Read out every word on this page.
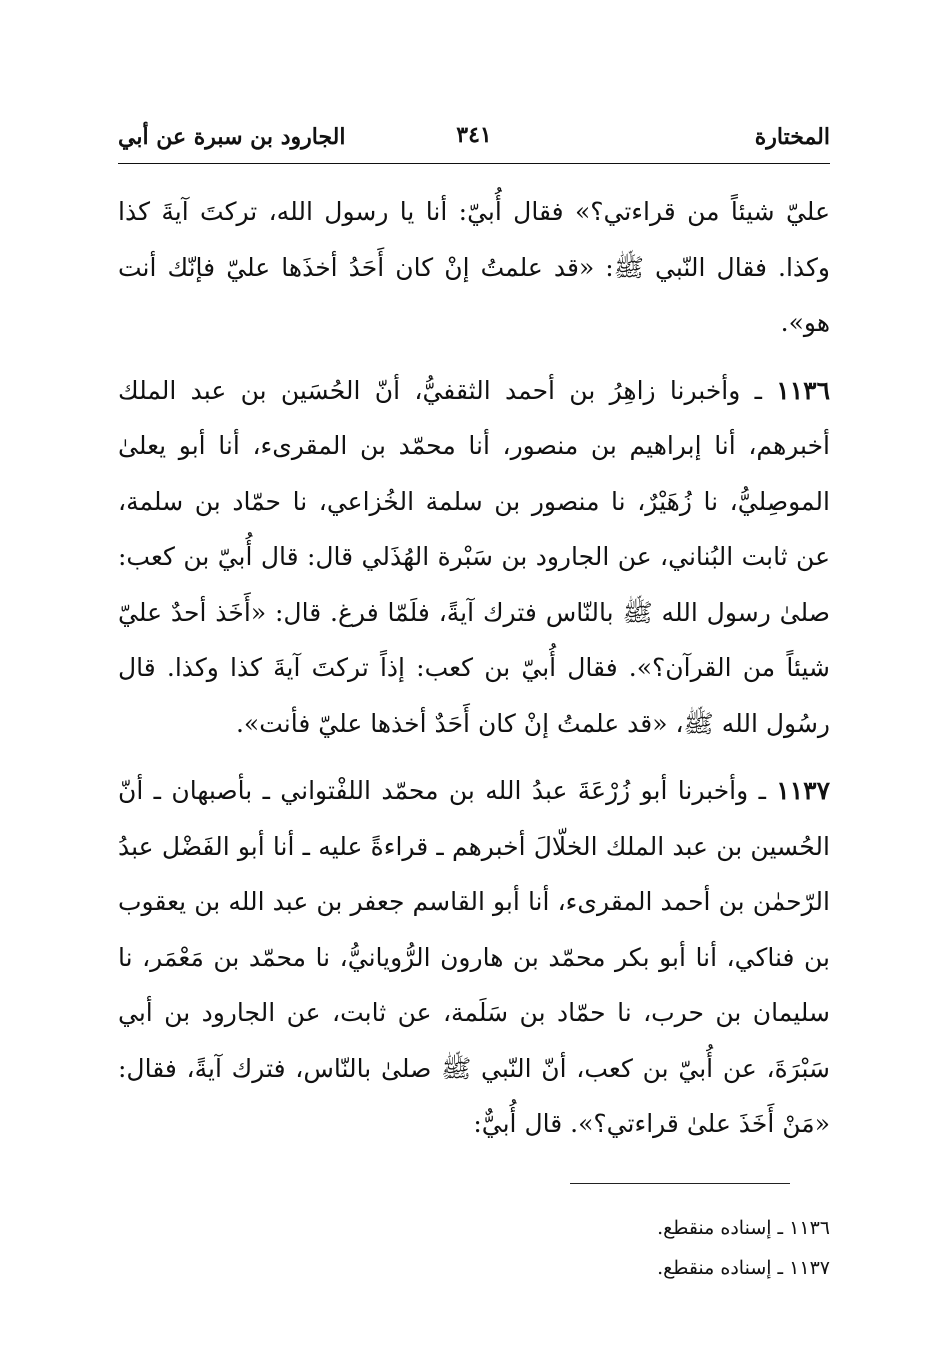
المختارة
٣٤١
الجارود بن سبرة عن أبي

عليّ شيئاً من قراءتي؟» فقال أُبيّ: أنا يا رسول الله، تركتَ آيةَ كذا وكذا. فقال النّبي ﷺ: «قد علمتُ إنْ كان أَحَدُ أخذَها عليّ فإنّك أنت هو».

١١٣٦ ـ وأخبرنا زاهِرُ بن أحمد الثقفيُّ، أنّ الحُسَين بن عبد الملك أخبرهم، أنا إبراهيم بن منصور، أنا محمّد بن المقرىء، أنا أبو يعلىٰ الموصِليُّ، نا زُهَيْرٌ، نا منصور بن سلمة الخُزاعي، نا حمّاد بن سلمة، عن ثابت البُناني، عن الجارود بن سَبْرة الهُذَلي قال: قال أُبيّ بن كعب: صلىٰ رسول الله ﷺ بالنّاس فترك آيةً، فلَمّا فرغ. قال: «أَخَذ أحدٌ عليّ شيئاً من القرآن؟». فقال أُبيّ بن كعب: إذاً تركتَ آيةَ كذا وكذا. قال رسُول الله ﷺ، «قد علمتُ إنْ كان أَحَدٌ أخذها عليّ فأنت».

١١٣٧ ـ وأخبرنا أبو زُرْعَةَ عبدُ الله بن محمّد اللفْتواني ـ بأصبهان ـ أنّ الحُسين بن عبد الملك الخلّالَ أخبرهم ـ قراءةً عليه ـ أنا أبو الفَضْل عبدُ الرّحمٰن بن أحمد المقرىء، أنا أبو القاسم جعفر بن عبد الله بن يعقوب بن فناكي، أنا أبو بكر محمّد بن هارون الرُّويانيُّ، نا محمّد بن مَعْمَر، نا سليمان بن حرب، نا حمّاد بن سَلَمة، عن ثابت، عن الجارود بن أبي سَبْرَةَ، عن أُبيّ بن كعب، أنّ النّبي ﷺ صلىٰ بالنّاس، فترك آيةً، فقال: «مَنْ أَخَذَ علىٰ قراءتي؟». قال أُبيٌّ:

١١٣٦ ـ إسناده منقطع.
١١٣٧ ـ إسناده منقطع.
